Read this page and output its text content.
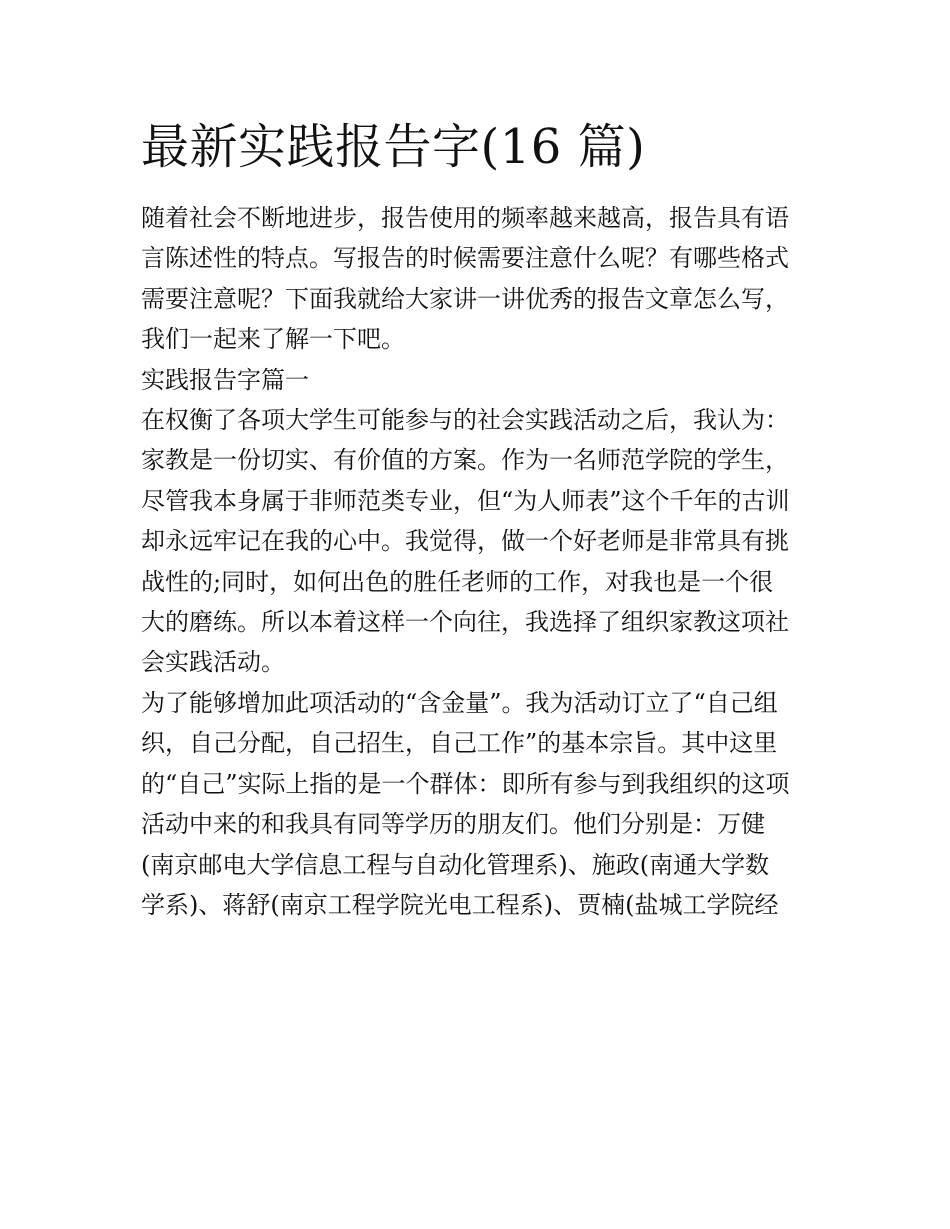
最新实践报告字(16 篇)
随着社会不断地进步，报告使用的频率越来越高，报告具有语
言陈述性的特点。写报告的时候需要注意什么呢？有哪些格式
需要注意呢？下面我就给大家讲一讲优秀的报告文章怎么写，
我们一起来了解一下吧。
实践报告字篇一
在权衡了各项大学生可能参与的社会实践活动之后，我认为：
家教是一份切实、有价值的方案。作为一名师范学院的学生，
尽管我本身属于非师范类专业，但“为人师表”这个千年的古训
却永远牢记在我的心中。我觉得，做一个好老师是非常具有挑
战性的;同时，如何出色的胜任老师的工作，对我也是一个很
大的磨练。所以本着这样一个向往，我选择了组织家教这项社
会实践活动。
为了能够增加此项活动的“含金量”。我为活动订立了“自己组
织，自己分配，自己招生，自己工作”的基本宗旨。其中这里
的“自己”实际上指的是一个群体：即所有参与到我组织的这项
活动中来的和我具有同等学历的朋友们。他们分别是：万健
(南京邮电大学信息工程与自动化管理系)、施政(南通大学数
学系)、蒋舒(南京工程学院光电工程系)、贾楠(盐城工学院经
